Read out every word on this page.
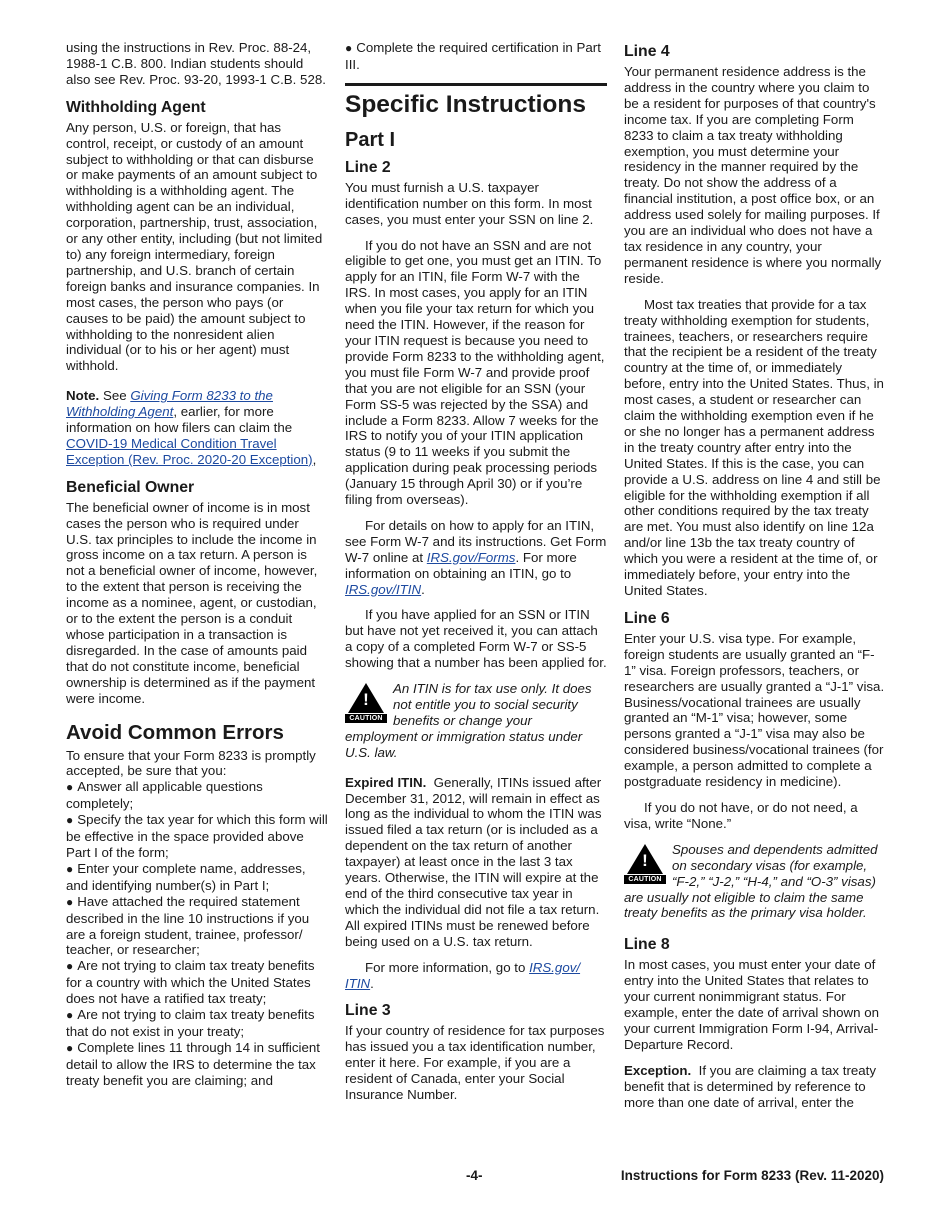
using the instructions in Rev. Proc. 88-24, 1988-1 C.B. 800. Indian students should also see Rev. Proc. 93-20, 1993-1 C.B. 528.

Withholding Agent

Any person, U.S. or foreign, that has control, receipt, or custody of an amount subject to withholding or that can disburse or make payments of an amount subject to withholding is a withholding agent. The withholding agent can be an individual, corporation, partnership, trust, association, or any other entity, including (but not limited to) any foreign intermediary, foreign partnership, and U.S. branch of certain foreign banks and insurance companies. In most cases, the person who pays (or causes to be paid) the amount subject to withholding to the nonresident alien individual (or to his or her agent) must withhold.

Note. See Giving Form 8233 to the Withholding Agent, earlier, for more information on how filers can claim the COVID-19 Medical Condition Travel Exception (Rev. Proc. 2020-20 Exception),

Beneficial Owner

The beneficial owner of income is in most cases the person who is required under U.S. tax principles to include the income in gross income on a tax return. A person is not a beneficial owner of income, however, to the extent that person is receiving the income as a nominee, agent, or custodian, or to the extent the person is a conduit whose participation in a transaction is disregarded. In the case of amounts paid that do not constitute income, beneficial ownership is determined as if the payment were income.

Avoid Common Errors

To ensure that your Form 8233 is promptly accepted, be sure that you:

● Answer all applicable questions completely;
● Specify the tax year for which this form will be effective in the space provided above Part I of the form;
● Enter your complete name, addresses, and identifying number(s) in Part I;
● Have attached the required statement described in the line 10 instructions if you are a foreign student, trainee, professor/ teacher, or researcher;
● Are not trying to claim tax treaty benefits for a country with which the United States does not have a ratified tax treaty;
● Are not trying to claim tax treaty benefits that do not exist in your treaty;
● Complete lines 11 through 14 in sufficient detail to allow the IRS to determine the tax treaty benefit you are claiming; and
● Complete the required certification in Part III.
Specific Instructions
Part I
Line 2

You must furnish a U.S. taxpayer identification number on this form. In most cases, you must enter your SSN on line 2.

If you do not have an SSN and are not eligible to get one, you must get an ITIN. To apply for an ITIN, file Form W-7 with the IRS. In most cases, you apply for an ITIN when you file your tax return for which you need the ITIN. However, if the reason for your ITIN request is because you need to provide Form 8233 to the withholding agent, you must file Form W-7 and provide proof that you are not eligible for an SSN (your Form SS-5 was rejected by the SSA) and include a Form 8233. Allow 7 weeks for the IRS to notify you of your ITIN application status (9 to 11 weeks if you submit the application during peak processing periods (January 15 through April 30) or if you’re filing from overseas).

For details on how to apply for an ITIN, see Form W-7 and its instructions. Get Form W-7 online at IRS.gov/Forms. For more information on obtaining an ITIN, go to IRS.gov/ITIN.

If you have applied for an SSN or ITIN but have not yet received it, you can attach a copy of a completed Form W-7 or SS-5 showing that a number has been applied for.

!
CAUTION
An ITIN is for tax use only. It does not entitle you to social security benefits or change your employment or immigration status under U.S. law.

Expired ITIN. Generally, ITINs issued after December 31, 2012, will remain in effect as long as the individual to whom the ITIN was issued filed a tax return (or is included as a dependent on the tax return of another taxpayer) at least once in the last 3 tax years. Otherwise, the ITIN will expire at the end of the third consecutive tax year in which the individual did not file a tax return. All expired ITINs must be renewed before being used on a U.S. tax return.

For more information, go to IRS.gov/ ITIN.

Line 3

If your country of residence for tax purposes has issued you a tax identification number, enter it here. For example, if you are a resident of Canada, enter your Social Insurance Number.

Line 4

Your permanent residence address is the address in the country where you claim to be a resident for purposes of that country's income tax. If you are completing Form 8233 to claim a tax treaty withholding exemption, you must determine your residency in the manner required by the treaty. Do not show the address of a financial institution, a post office box, or an address used solely for mailing purposes. If you are an individual who does not have a tax residence in any country, your permanent residence is where you normally reside.

Most tax treaties that provide for a tax treaty withholding exemption for students, trainees, teachers, or researchers require that the recipient be a resident of the treaty country at the time of, or immediately before, entry into the United States. Thus, in most cases, a student or researcher can claim the withholding exemption even if he or she no longer has a permanent address in the treaty country after entry into the United States. If this is the case, you can provide a U.S. address on line 4 and still be eligible for the withholding exemption if all other conditions required by the tax treaty are met. You must also identify on line 12a and/or line 13b the tax treaty country of which you were a resident at the time of, or immediately before, your entry into the United States.

Line 6

Enter your U.S. visa type. For example, foreign students are usually granted an “F-1” visa. Foreign professors, teachers, or researchers are usually granted a “J-1” visa. Business/vocational trainees are usually granted an “M-1” visa; however, some persons granted a “J-1” visa may also be considered business/vocational trainees (for example, a person admitted to complete a postgraduate residency in medicine).

If you do not have, or do not need, a visa, write “None.”

!
CAUTION
Spouses and dependents admitted on secondary visas (for example, “F-2,” “J-2,” “H-4,” and “O-3” visas) are usually not eligible to claim the same treaty benefits as the primary visa holder.
Line 8

In most cases, you must enter your date of entry into the United States that relates to your current nonimmigrant status. For example, enter the date of arrival shown on your current Immigration Form I-94, Arrival-Departure Record.

Exception. If you are claiming a tax treaty benefit that is determined by reference to more than one date of arrival, enter the

-4-	Instructions for Form 8233 (Rev. 11-2020)
